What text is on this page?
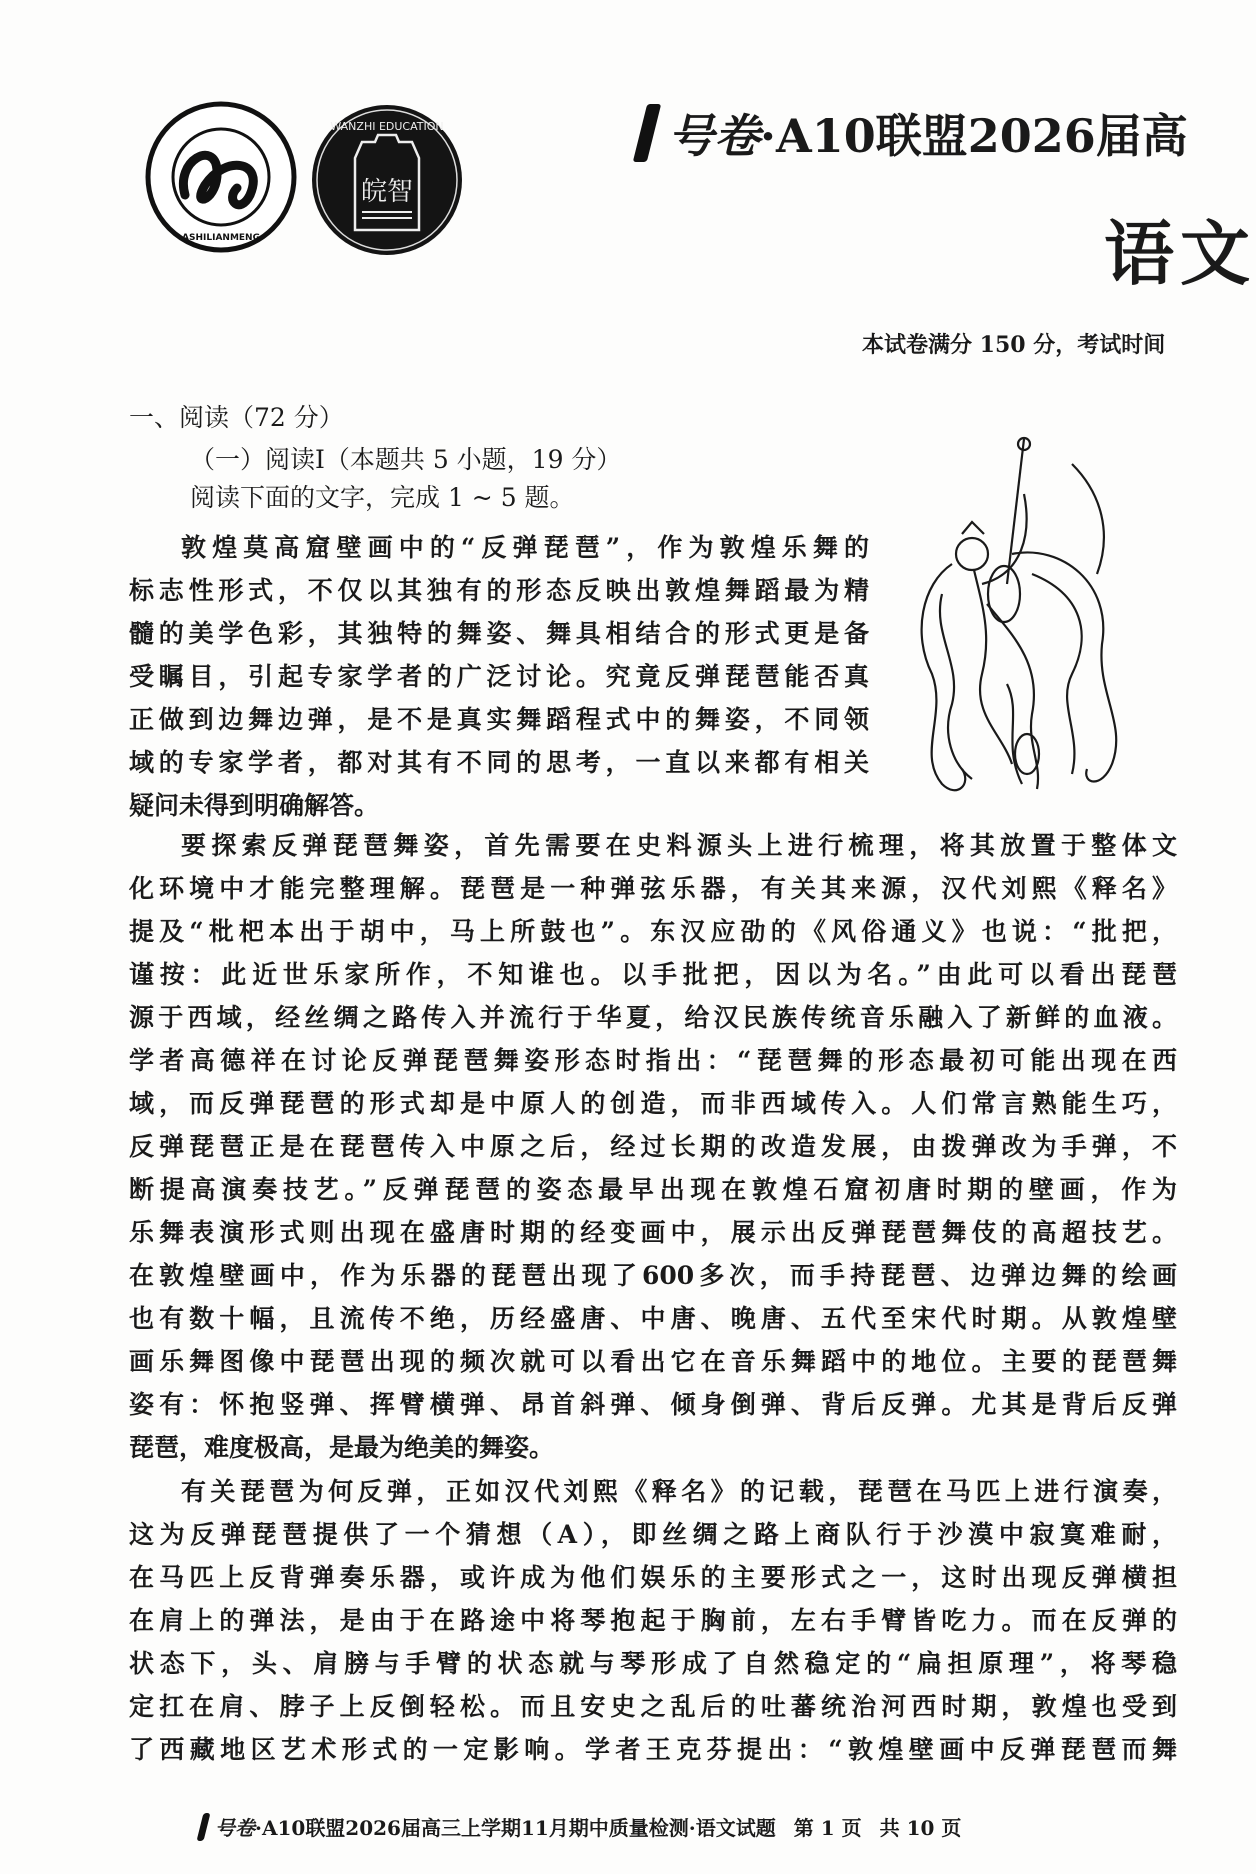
ASHILIANMENG
WANZHI EDUCATION
皖智
号卷 ·A10联盟2026届高
语文
本试卷满分 150 分，考试时间
一、阅读（72 分）
（一）阅读Ⅰ（本题共 5 小题，19 分）
阅读下面的文字，完成 1 ~ 5 题。
敦煌莫高窟壁画中的“反弹琵琶”，作为敦煌乐舞的
标志性形式，不仅以其独有的形态反映出敦煌舞蹈最为精
髓的美学色彩，其独特的舞姿、舞具相结合的形式更是备
受瞩目，引起专家学者的广泛讨论。究竟反弹琵琶能否真
正做到边舞边弹，是不是真实舞蹈程式中的舞姿，不同领
域的专家学者，都对其有不同的思考，一直以来都有相关
疑问未得到明确解答。
要探索反弹琵琶舞姿，首先需要在史料源头上进行梳理，将其放置于整体文
化环境中才能完整理解。琵琶是一种弹弦乐器，有关其来源，汉代刘熙《释名》
提及“枇杷本出于胡中，马上所鼓也”。东汉应劭的《风俗通义》也说：“批把，
谨按：此近世乐家所作，不知谁也。以手批把，因以为名。”由此可以看出琵琶
源于西域，经丝绸之路传入并流行于华夏，给汉民族传统音乐融入了新鲜的血液。
学者高德祥在讨论反弹琵琶舞姿形态时指出：“琵琶舞的形态最初可能出现在西
域，而反弹琵琶的形式却是中原人的创造，而非西域传入。人们常言熟能生巧，
反弹琵琶正是在琵琶传入中原之后，经过长期的改造发展，由拨弹改为手弹，不
断提高演奏技艺。”反弹琵琶的姿态最早出现在敦煌石窟初唐时期的壁画，作为
乐舞表演形式则出现在盛唐时期的经变画中，展示出反弹琵琶舞伎的高超技艺。
在敦煌壁画中，作为乐器的琵琶出现了600多次，而手持琵琶、边弹边舞的绘画
也有数十幅，且流传不绝，历经盛唐、中唐、晚唐、五代至宋代时期。从敦煌壁
画乐舞图像中琵琶出现的频次就可以看出它在音乐舞蹈中的地位。主要的琵琶舞
姿有：怀抱竖弹、挥臂横弹、昂首斜弹、倾身倒弹、背后反弹。尤其是背后反弹
琵琶，难度极高，是最为绝美的舞姿。
有关琵琶为何反弹，正如汉代刘熙《释名》的记载，琵琶在马匹上进行演奏，
这为反弹琵琶提供了一个猜想（A），即丝绸之路上商队行于沙漠中寂寞难耐，
在马匹上反背弹奏乐器，或许成为他们娱乐的主要形式之一，这时出现反弹横担
在肩上的弹法，是由于在路途中将琴抱起于胸前，左右手臂皆吃力。而在反弹的
状态下，头、肩膀与手臂的状态就与琴形成了自然稳定的“扁担原理”，将琴稳
定扛在肩、脖子上反倒轻松。而且安史之乱后的吐蕃统治河西时期，敦煌也受到
了西藏地区艺术形式的一定影响。学者王克芬提出：“敦煌壁画中反弹琵琶而舞
号卷 ·A10联盟2026届高三上学期11月期中质量检测·语文试题 第 1 页 共 10 页
